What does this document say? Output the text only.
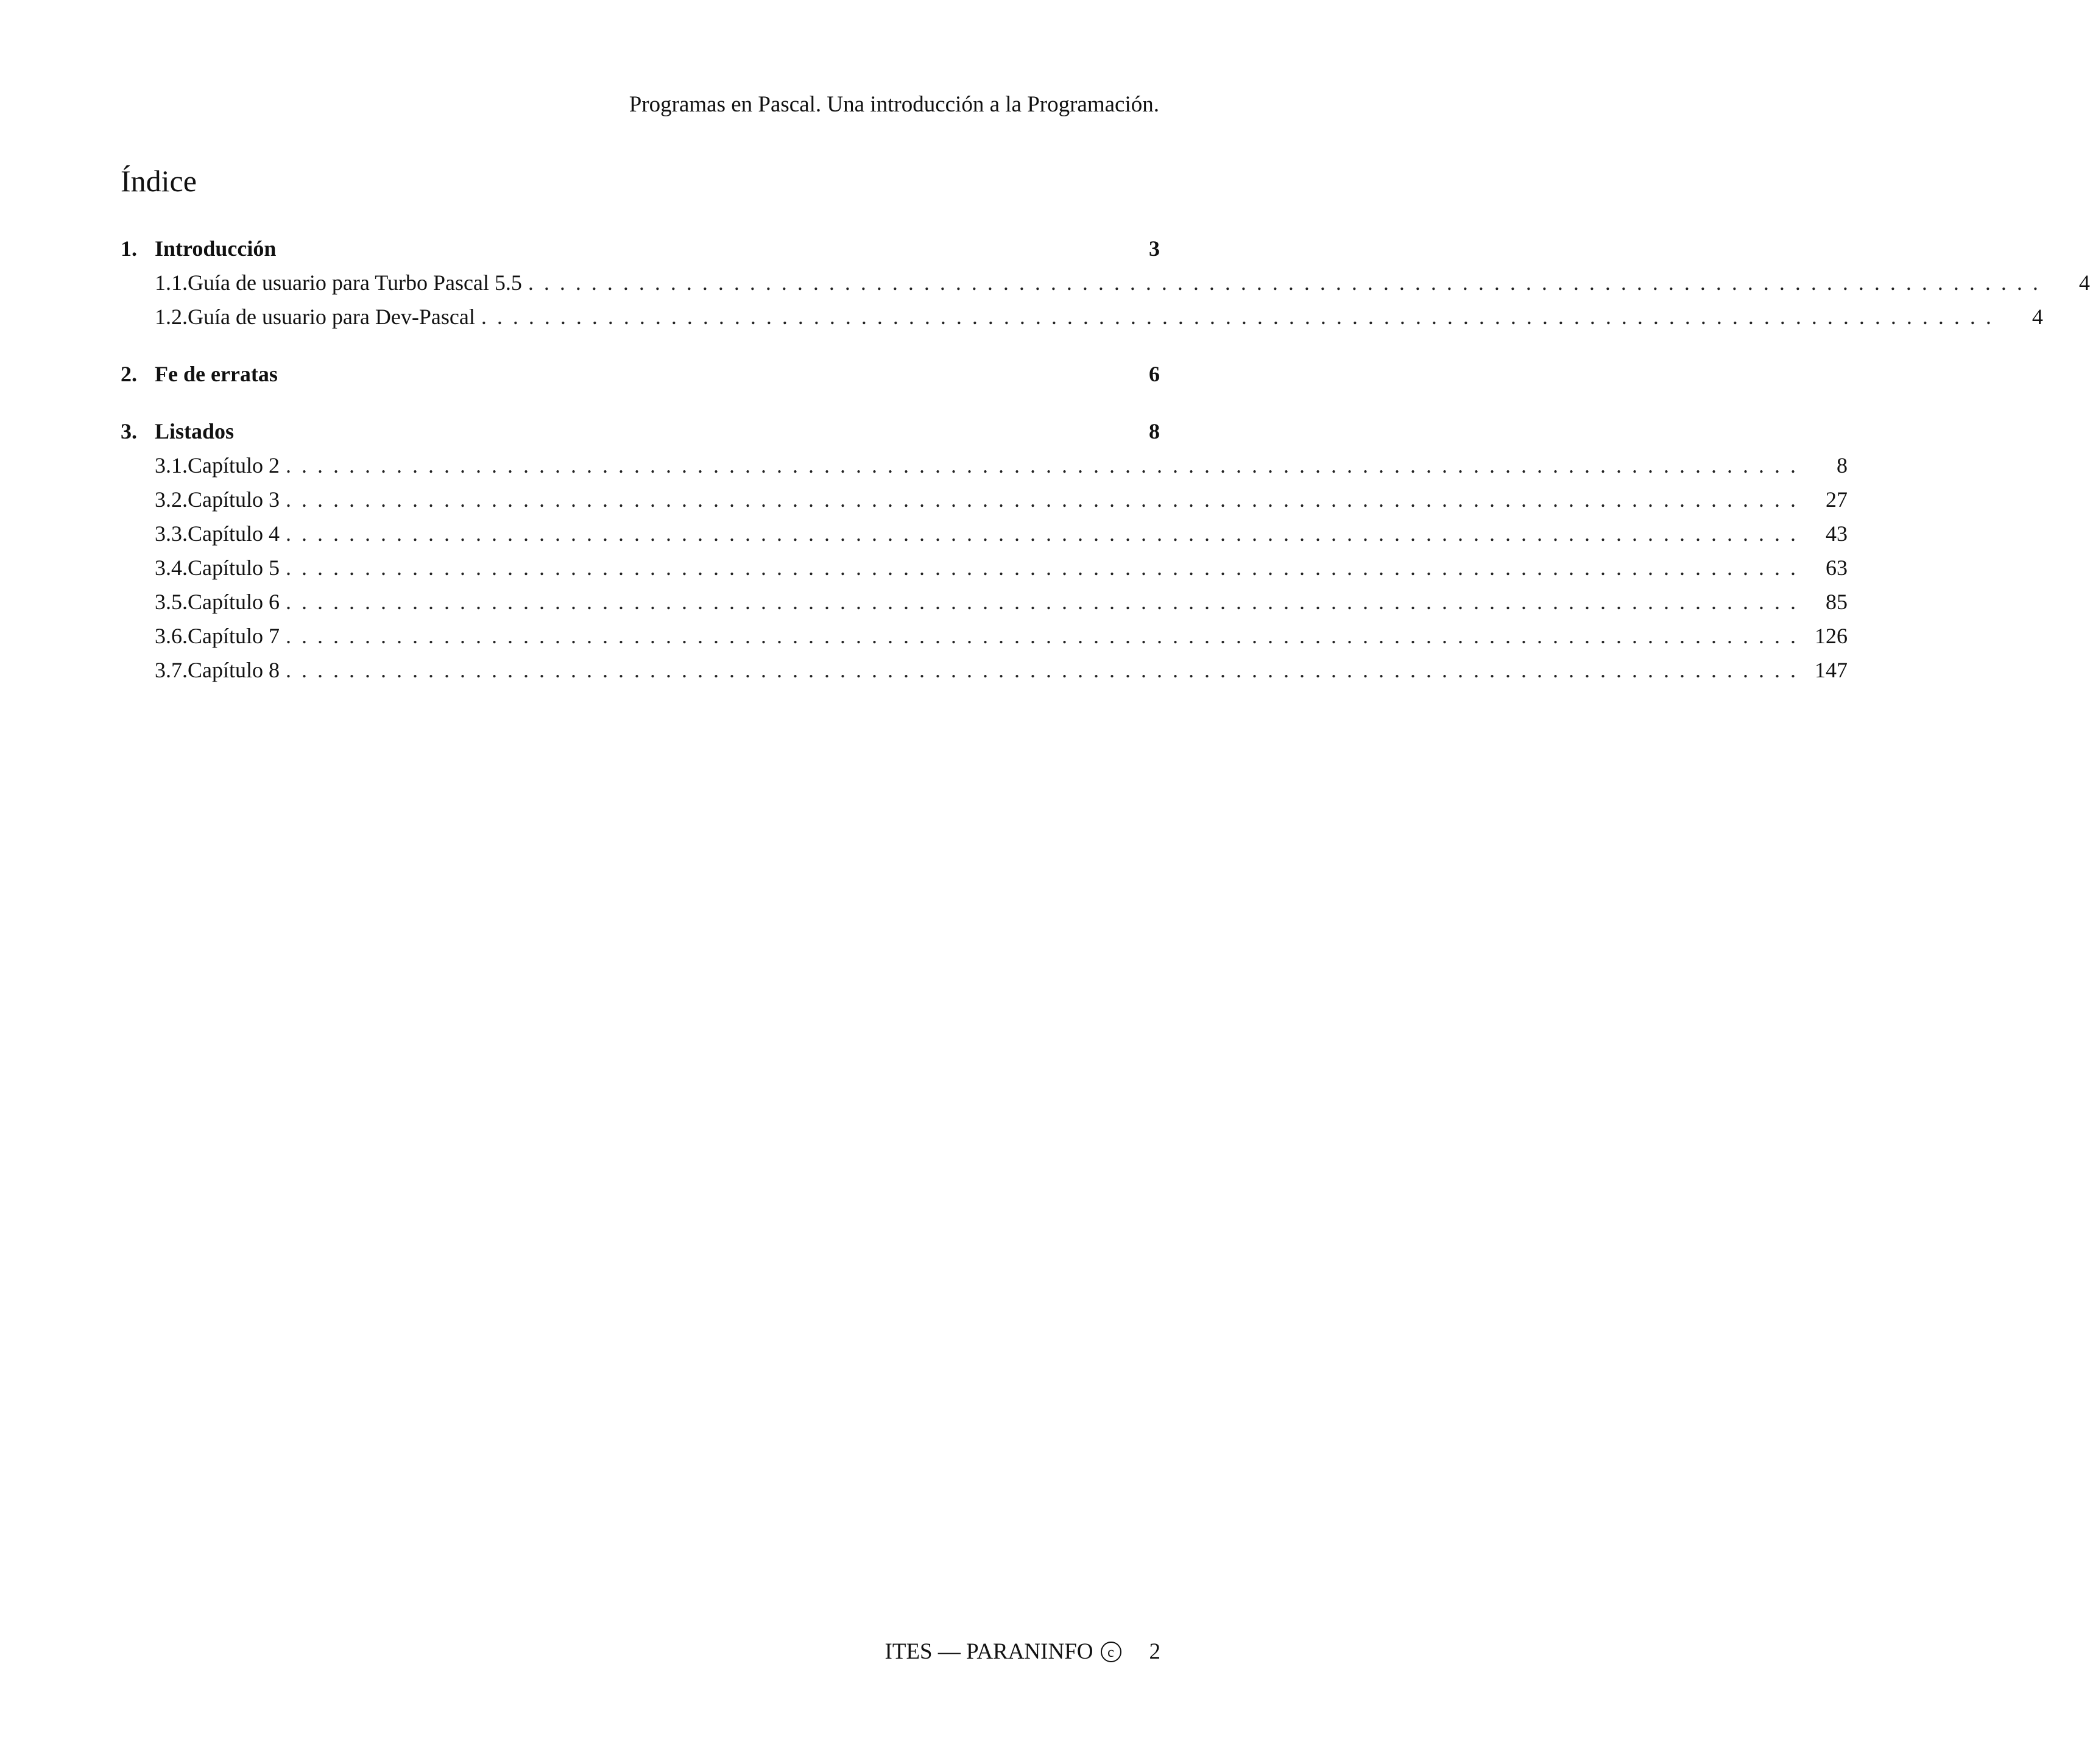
Programas en Pascal. Una introducción a la Programación.
Índice
1. Introducción	3
1.1. Guía de usuario para Turbo Pascal 5.5 ................................................................................................	4
1.2. Guía de usuario para Dev-Pascal ................................................................................................	4
2. Fe de erratas	6
3. Listados	8
3.1. Capítulo 2 ................................................................................................	8
3.2. Capítulo 3 ................................................................................................ 27
3.3. Capítulo 4 ................................................................................................ 43
3.4. Capítulo 5 ................................................................................................ 63
3.5. Capítulo 6 ................................................................................................ 85
3.6. Capítulo 7 ................................................................................................ 126
3.7. Capítulo 8 ................................................................................................ 147
ITES — PARANINFO c	2
